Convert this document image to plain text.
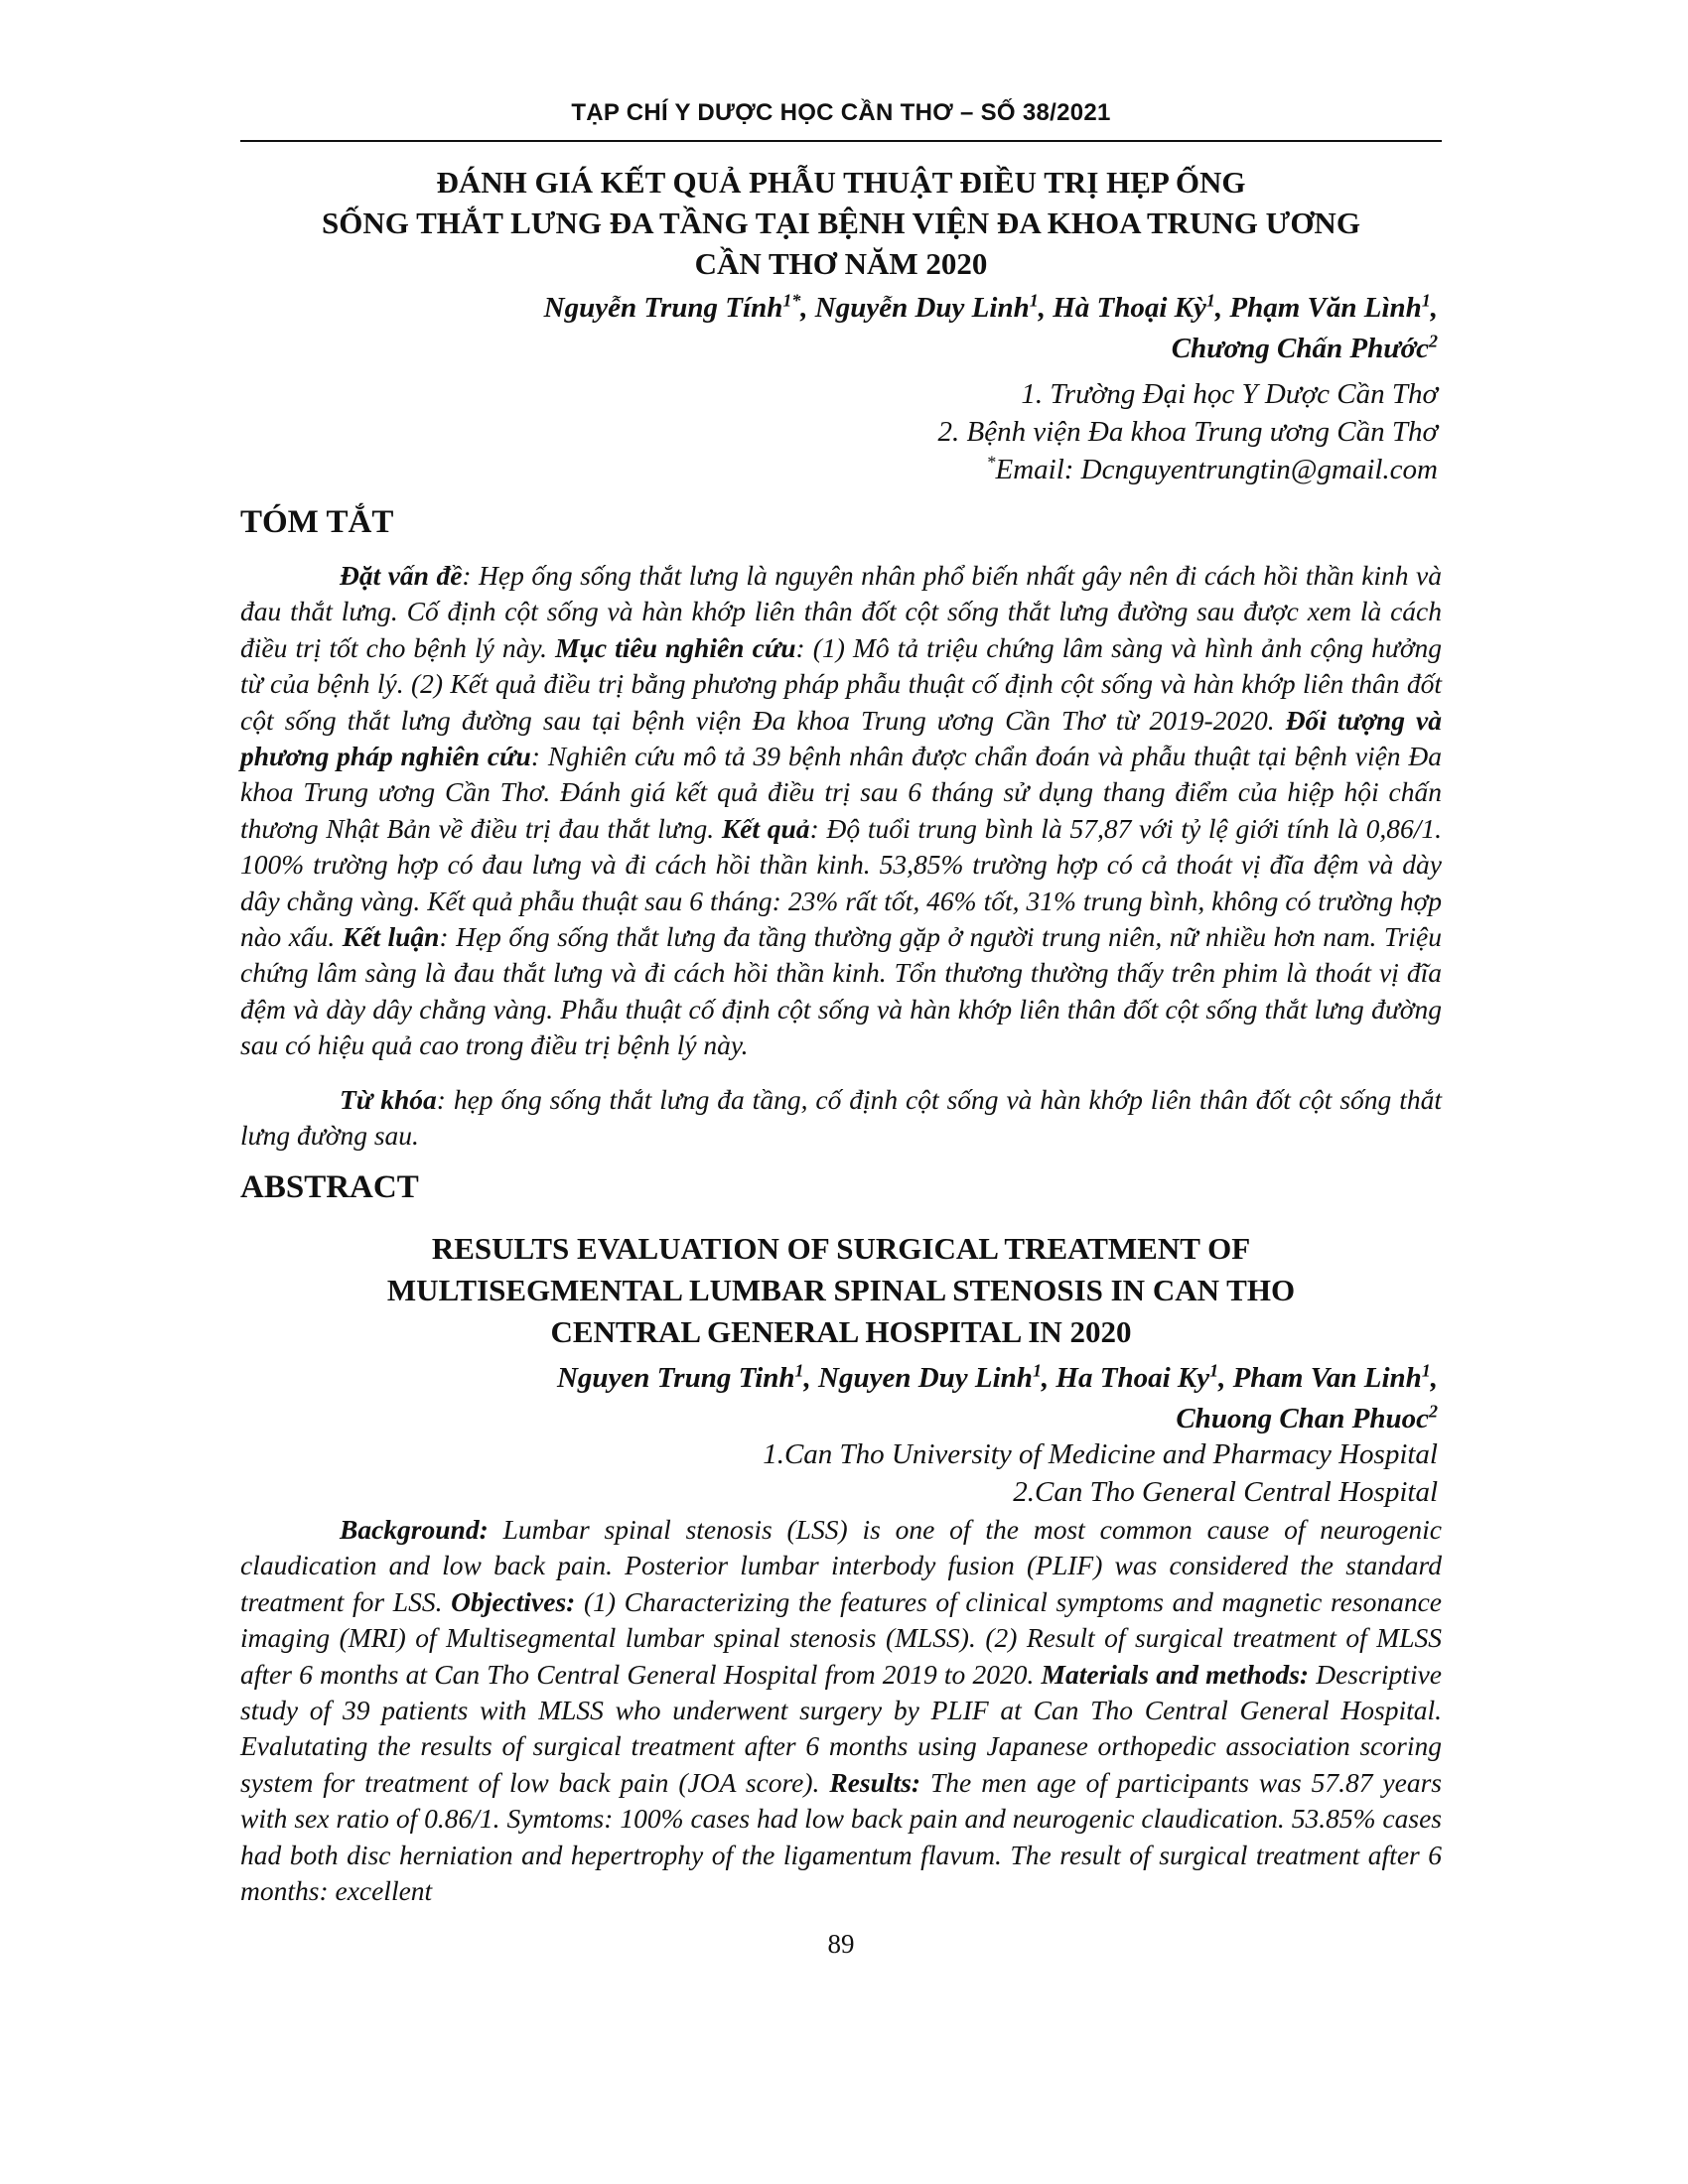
TẠP CHÍ Y DƯỢC HỌC CẦN THƠ – SỐ 38/2021
ĐÁNH GIÁ KẾT QUẢ PHẪU THUẬT ĐIỀU TRỊ HẸP ỐNG
SỐNG THẮT LƯNG ĐA TẦNG TẠI BỆNH VIỆN ĐA KHOA TRUNG ƯƠNG
CẦN THƠ NĂM 2020
Nguyễn Trung Tính$^{1*}$, Nguyễn Duy Linh$^1$, Hà Thoại Kỳ$^1$, Phạm Văn Lình$^1$,
Chương Chấn Phước$^2$
1. Trường Đại học Y Dược Cần Thơ
2. Bệnh viện Đa khoa Trung ương Cần Thơ
*Email: Dcnguyentrungtin@gmail.com
TÓM TẮT

Đặt vấn đề: Hẹp ống sống thắt lưng là nguyên nhân phổ biến nhất gây nên đi cách hồi thần kinh và đau thắt lưng. Cố định cột sống và hàn khớp liên thân đốt cột sống thắt lưng đường sau được xem là cách điều trị tốt cho bệnh lý này. Mục tiêu nghiên cứu: (1) Mô tả triệu chứng lâm sàng và hình ảnh cộng hưởng từ của bệnh lý. (2) Kết quả điều trị bằng phương pháp phẫu thuật cố định cột sống và hàn khớp liên thân đốt cột sống thắt lưng đường sau tại bệnh viện Đa khoa Trung ương Cần Thơ từ 2019-2020. Đối tượng và phương pháp nghiên cứu: Nghiên cứu mô tả 39 bệnh nhân được chẩn đoán và phẫu thuật tại bệnh viện Đa khoa Trung ương Cần Thơ. Đánh giá kết quả điều trị sau 6 tháng sử dụng thang điểm của hiệp hội chấn thương Nhật Bản về điều trị đau thắt lưng. Kết quả: Độ tuổi trung bình là 57,87 với tỷ lệ giới tính là 0,86/1. 100% trường hợp có đau lưng và đi cách hồi thần kinh. 53,85% trường hợp có cả thoát vị đĩa đệm và dày dây chằng vàng. Kết quả phẫu thuật sau 6 tháng: 23% rất tốt, 46% tốt, 31% trung bình, không có trường hợp nào xấu. Kết luận: Hẹp ống sống thắt lưng đa tầng thường gặp ở người trung niên, nữ nhiều hơn nam. Triệu chứng lâm sàng là đau thắt lưng và đi cách hồi thần kinh. Tổn thương thường thấy trên phim là thoát vị đĩa đệm và dày dây chằng vàng. Phẫu thuật cố định cột sống và hàn khớp liên thân đốt cột sống thắt lưng đường sau có hiệu quả cao trong điều trị bệnh lý này.

Từ khóa: hẹp ống sống thắt lưng đa tầng, cố định cột sống và hàn khớp liên thân đốt cột sống thắt lưng đường sau.

ABSTRACT
RESULTS EVALUATION OF SURGICAL TREATMENT OF
MULTISEGMENTAL LUMBAR SPINAL STENOSIS IN CAN THO
CENTRAL GENERAL HOSPITAL IN 2020
Nguyen Trung Tinh$^1$, Nguyen Duy Linh$^1$, Ha Thoai Ky$^1$, Pham Van Linh$^1$,
Chuong Chan Phuoc$^2$
1.Can Tho University of Medicine and Pharmacy Hospital
2.Can Tho General Central Hospital

Background: Lumbar spinal stenosis (LSS) is one of the most common cause of neurogenic claudication and low back pain. Posterior lumbar interbody fusion (PLIF) was considered the standard treatment for LSS. Objectives: (1) Characterizing the features of clinical symptoms and magnetic resonance imaging (MRI) of Multisegmental lumbar spinal stenosis (MLSS). (2) Result of surgical treatment of MLSS after 6 months at Can Tho Central General Hospital from 2019 to 2020. Materials and methods: Descriptive study of 39 patients with MLSS who underwent surgery by PLIF at Can Tho Central General Hospital. Evalutating the results of surgical treatment after 6 months using Japanese orthopedic association scoring system for treatment of low back pain (JOA score). Results: The men age of participants was 57.87 years with sex ratio of 0.86/1. Symtoms: 100% cases had low back pain and neurogenic claudication. 53.85% cases had both disc herniation and hepertrophy of the ligamentum flavum. The result of surgical treatment after 6 months: excellent

89
